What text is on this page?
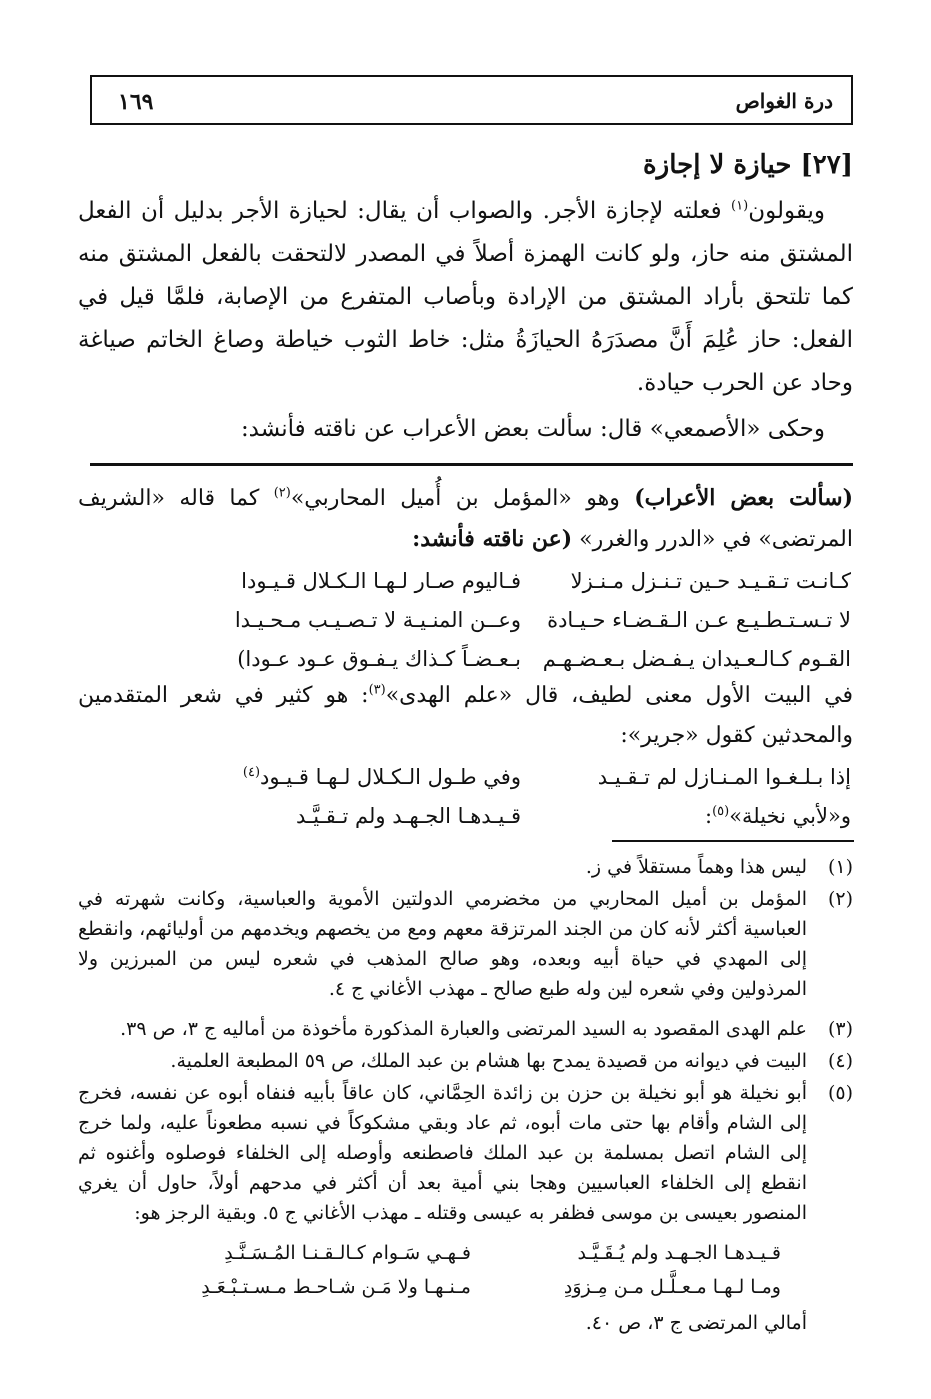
درة الغواص
١٦٩
[٢٧] حيازة لا إجازة
ويقولون$^{(١)}$ فعلته لإجازة الأجر. والصواب أن يقال: لحيازة الأجر بدليل أن الفعل المشتق منه حاز، ولو كانت الهمزة أصلاً في المصدر لالتحقت بالفعل المشتق منه كما تلتحق بأراد المشتق من الإرادة وبأصاب المتفرع من الإصابة، فلمَّا قيل في الفعل: حاز عُلِمَ أَنَّ مصدَرَهُ الحيازَةُ مثل: خاط الثوب خياطة وصاغ الخاتم صياغة وحاد عن الحرب حيادة.
وحكى «الأصمعي» قال: سألت بعض الأعراب عن ناقته فأنشد:
(سألت بعض الأعراب) وهو «المؤمل بن أُميل المحاربي»$^{(٢)}$ كما قاله «الشريف المرتضى» في «الدرر والغرر» (عن ناقته فأنشد:
كـانـت تـقـيـد حـين تـنـزل مـنـزلا
فـاليوم صـار لـهـا الـكـلال قـيـودا
لا تـسـتـطـيـع عـن الـقـضـاء حـيـادة
وعــن المنـيـة لا تـصـيـب مـحـيـدا
القـوم كـالـعـيدان يـفـضل بـعـضـهـم
بـعـضـاً كـذاك يـفـوق عـود عـودا)
في البيت الأول معنى لطيف، قال «علم الهدى»$^{(٣)}$: هو كثير في شعر المتقدمين والمحدثين كقول «جرير»:
إذا بـلـغـوا المـنـازل لم تـقـيـد
وفي طـول الـكـلال لـهـا قـيـود$^{(٤)}$
و«لأبي نخيلة»$^{(٥)}$:
قـيـدهـا الجـهـد ولم تـقـيَّـد
(١)
ليس هذا وهماً مستقلاً في ز.
(٢)
المؤمل بن أميل المحاربي من مخضرمي الدولتين الأموية والعباسية، وكانت شهرته في العباسية أكثر لأنه كان من الجند المرتزقة معهم ومع من يخصهم ويخدمهم من أوليائهم، وانقطع إلى المهدي في حياة أبيه وبعده، وهو صالح المذهب في شعره ليس من المبرزين ولا المرذولين وفي شعره لين وله طبع صالح ـ مهذب الأغاني ج ٤.
(٣)
علم الهدى المقصود به السيد المرتضى والعبارة المذكورة مأخوذة من أماليه ج ٣، ص ٣٩.
(٤)
البيت في ديوانه من قصيدة يمدح بها هشام بن عبد الملك، ص ٥٩ المطبعة العلمية.
(٥)
أبو نخيلة هو أبو نخيلة بن حزن بن زائدة الحِمَّاني، كان عاقاً بأبيه فنفاه أبوه عن نفسه، فخرج إلى الشام وأقام بها حتى مات أبوه، ثم عاد وبقي مشكوكاً في نسبه مطعوناً عليه، ولما خرج إلى الشام اتصل بمسلمة بن عبد الملك فاصطنعه وأوصله إلى الخلفاء فوصلوه وأغنوه ثم انقطع إلى الخلفاء العباسيين وهجا بني أمية بعد أن أكثر في مدحهم أولاً، حاول أن يغري المنصور بعيسى بن موسى فظفر به عيسى وقتله ـ مهذب الأغاني ج ٥. وبقية الرجز هو:
قـيـدهـا الجـهـد ولم يُـقَـيَّـد
فـهـي سَـوام كـالـقـنـا المُـسَـنَّـدِ
ومـا لـهـا مـعـلَّـل مـن مِـزوَدِ
مـنـهـا ولا مَـن شـاحـط مـسـتـبْـعَـدِ
أمالي المرتضى ج ٣، ص ٤٠.
